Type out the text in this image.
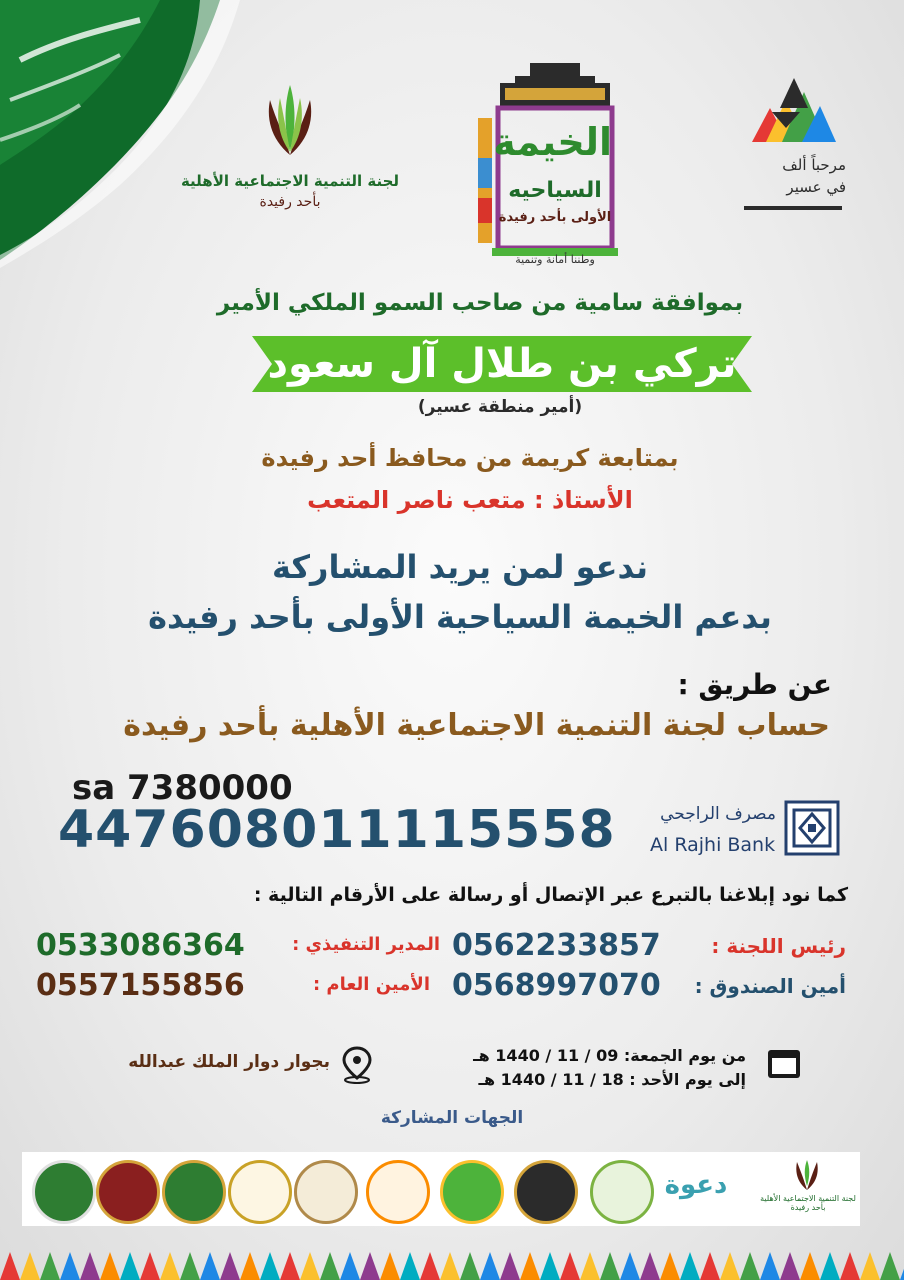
لجنة التنمية الاجتماعية الأهلية
بأحد رفيدة
الخيمة
السياحيه
الأولى بأحد رفيدة
وطننا أمانة وتنمية
مرحباً ألف
في عسير
بموافقة سامية من صاحب السمو الملكي الأمير
تركي بن طلال آل سعود
(أمير منطقة عسير)
بمتابعة كريمة من محافظ أحد رفيدة
الأستاذ : متعب ناصر المتعب
ندعو لمن يريد المشاركة
بدعم الخيمة السياحية الأولى بأحد رفيدة
عن طريق :
حساب لجنة التنمية الاجتماعية الأهلية بأحد رفيدة
sa 7380000
447608011115558	مصرف الراجحي
Al Rajhi Bank
كما نود إبلاغنا بالتبرع عبر الإتصال أو رسالة على الأرقام التالية :
رئيس اللجنة :
0562233857
أمين الصندوق :
0568997070
المدير التنفيذي :
0533086364
الأمين العام :
0557155856
من يوم الجمعة: 09 / 11 / 1440 هـ
إلى يوم الأحد : 18 / 11 / 1440 هـ
بجوار دوار الملك عبدالله
الجهات المشاركة
لجنة التنمية الاجتماعية الأهلية بأحد رفيدة
دعوة
